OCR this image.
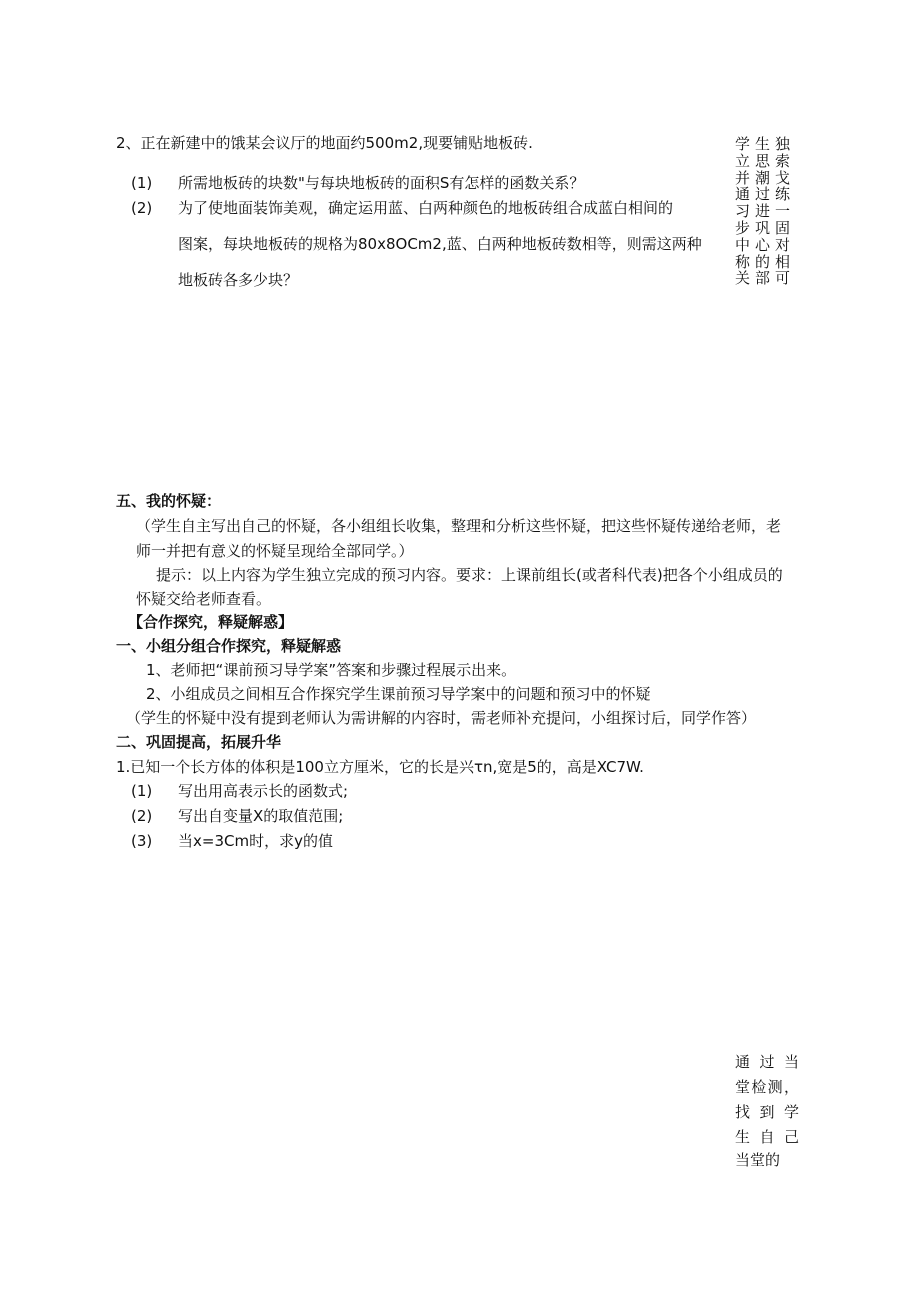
2、正在新建中的饿某会议厅的地面约500m2,现要铺贴地板砖.
(1) 所需地板砖的块数"与每块地板砖的面积S有怎样的函数关系？
(2) 为了使地面装饰美观，确定运用蓝、白两种颜色的地板砖组合成蓝白相间的
图案，每块地板砖的规格为80x8OCm2,蓝、白两种地板砖数相等，则需这两种
地板砖各多少块？
学立并通习步中称关
生思潮过进巩心的部
独索戈练一固对相可
五、我的怀疑：
（学生自主写出自己的怀疑，各小组组长收集，整理和分析这些怀疑，把这些怀疑传递给老师，老
师一并把有意义的怀疑呈现给全部同学。）
提示：以上内容为学生独立完成的预习内容。要求：上课前组长(或者科代表)把各个小组成员的
怀疑交给老师查看。
【合作探究，释疑解惑】
一、小组分组合作探究，释疑解惑
1、老师把“课前预习导学案”答案和步骤过程展示出来。
2、小组成员之间相互合作探究学生课前预习导学案中的问题和预习中的怀疑
（学生的怀疑中没有提到老师认为需讲解的内容时，需老师补充提问，小组探讨后，同学作答）
二、巩固提高，拓展升华
1.已知一个长方体的体积是100立方厘米，它的长是兴τn,宽是5的，高是XC7W.
(1) 写出用高表示长的函数式;
(2) 写出自变量X的取值范围;
(3) 当x=3Cm时，求y的值
通过当
堂检测，
找到学
生自己
当堂的
